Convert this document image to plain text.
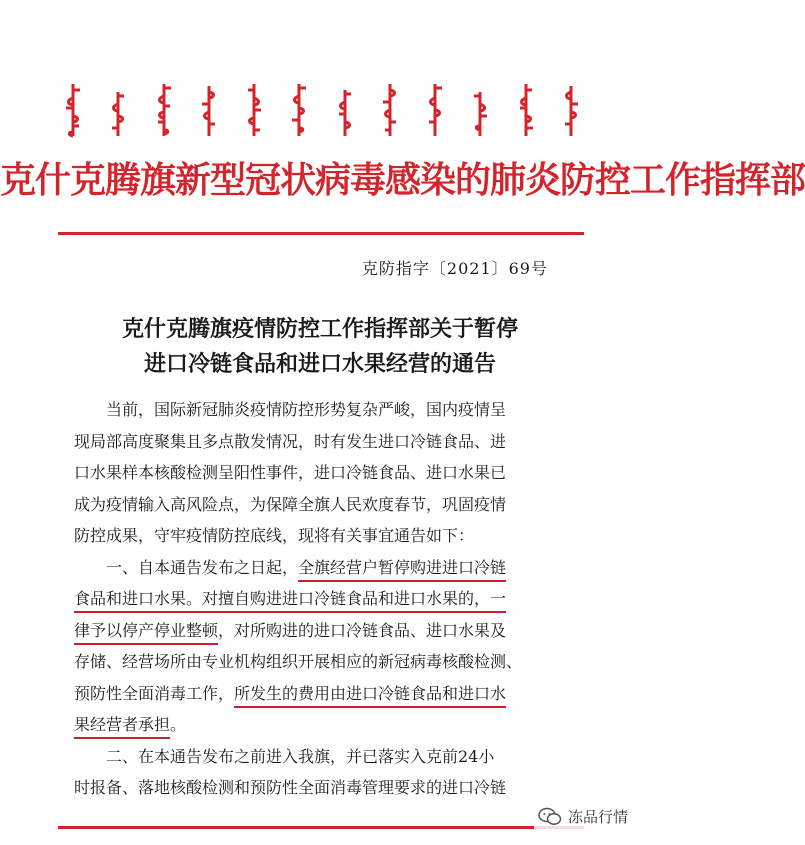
克什克腾旗新型冠状病毒感染的肺炎防控工作指挥部
克防指字〔2021〕69号
克什克腾旗疫情防控工作指挥部关于暂停
进口冷链食品和进口水果经营的通告

当前，国际新冠肺炎疫情防控形势复杂严峻，国内疫情呈

现局部高度聚集且多点散发情况，时有发生进口冷链食品、进

口水果样本核酸检测呈阳性事件，进口冷链食品、进口水果已

成为疫情输入高风险点，为保障全旗人民欢度春节，巩固疫情

防控成果，守牢疫情防控底线，现将有关事宜通告如下：

一、自本通告发布之日起，全旗经营户暂停购进进口冷链

食品和进口水果。对擅自购进进口冷链食品和进口水果的，一

律予以停产停业整顿，对所购进的进口冷链食品、进口水果及

存储、经营场所由专业机构组织开展相应的新冠病毒核酸检测、

预防性全面消毒工作，所发生的费用由进口冷链食品和进口水

果经营者承担。

二、在本通告发布之前进入我旗，并已落实入克前24小

时报备、落地核酸检测和预防性全面消毒管理要求的进口冷链

冻品行情
